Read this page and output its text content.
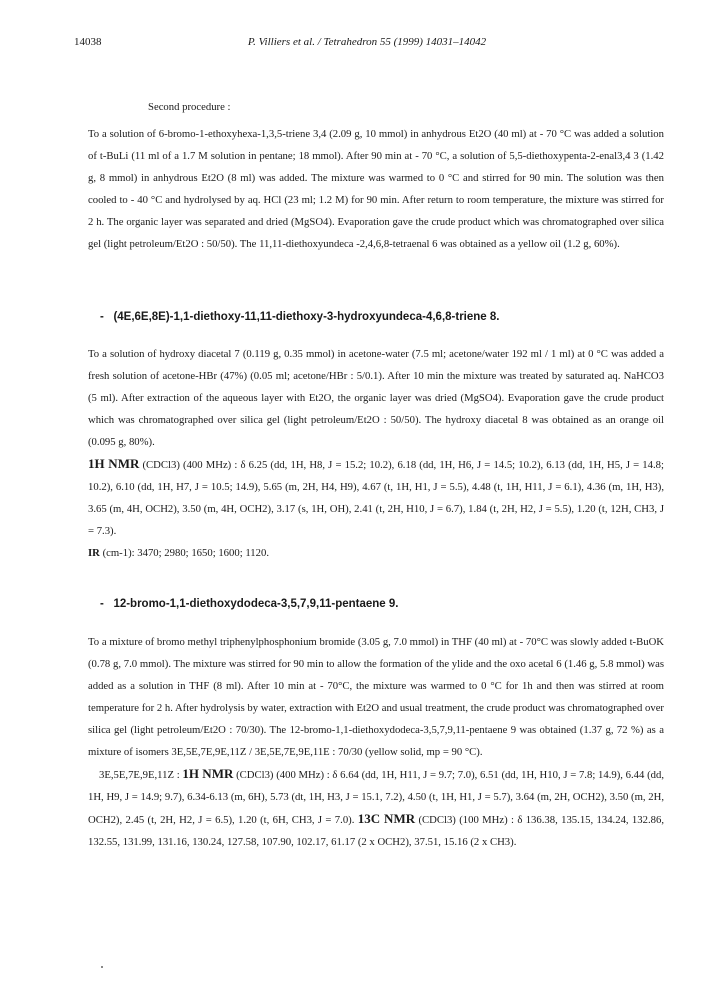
14038	P. Villiers et al. / Tetrahedron 55 (1999) 14031–14042

Second procedure :

To a solution of 6-bromo-1-ethoxyhexa-1,3,5-triene 3,4 (2.09 g, 10 mmol) in anhydrous Et2O (40 ml) at - 70 °C was added a solution of t-BuLi (11 ml of a 1.7 M solution in pentane; 18 mmol). After 90 min at - 70 °C, a solution of 5,5-diethoxypenta-2-enal3,4 3 (1.42 g, 8 mmol) in anhydrous Et2O (8 ml) was added. The mixture was warmed to 0 °C and stirred for 90 min. The solution was then cooled to - 40 °C and hydrolysed by aq. HCl (23 ml; 1.2 M) for 90 min. After return to room temperature, the mixture was stirred for 2 h. The organic layer was separated and dried (MgSO4). Evaporation gave the crude product which was chromatographed over silica gel (light petroleum/Et2O : 50/50). The 11,11-diethoxyundeca -2,4,6,8-tetraenal 6 was obtained as a yellow oil (1.2 g, 60%).

- (4E,6E,8E)-1,1-diethoxy-11,11-diethoxy-3-hydroxyundeca-4,6,8-triene 8.

To a solution of hydroxy diacetal 7 (0.119 g, 0.35 mmol) in acetone-water (7.5 ml; acetone/water 192 ml / 1 ml) at 0 °C was added a fresh solution of acetone-HBr (47%) (0.05 ml; acetone/HBr : 5/0.1). After 10 min the mixture was treated by saturated aq. NaHCO3 (5 ml). After extraction of the aqueous layer with Et2O, the organic layer was dried (MgSO4). Evaporation gave the crude product which was chromatographed over silica gel (light petroleum/Et2O : 50/50). The hydroxy diacetal 8 was obtained as an orange oil (0.095 g, 80%).

1H NMR (CDCl3) (400 MHz) : δ 6.25 (dd, 1H, H8, J = 15.2; 10.2), 6.18 (dd, 1H, H6, J = 14.5; 10.2), 6.13 (dd, 1H, H5, J = 14.8; 10.2), 6.10 (dd, 1H, H7, J = 10.5; 14.9), 5.65 (m, 2H, H4, H9), 4.67 (t, 1H, H1, J = 5.5), 4.48 (t, 1H, H11, J = 6.1), 4.36 (m, 1H, H3), 3.65 (m, 4H, OCH2), 3.50 (m, 4H, OCH2), 3.17 (s, 1H, OH), 2.41 (t, 2H, H10, J = 6.7), 1.84 (t, 2H, H2, J = 5.5), 1.20 (t, 12H, CH3, J = 7.3).

IR (cm-1): 3470; 2980; 1650; 1600; 1120.

- 12-bromo-1,1-diethoxydodeca-3,5,7,9,11-pentaene 9.

To a mixture of bromo methyl triphenylphosphonium bromide (3.05 g, 7.0 mmol) in THF (40 ml) at - 70°C was slowly added t-BuOK (0.78 g, 7.0 mmol). The mixture was stirred for 90 min to allow the formation of the ylide and the oxo acetal 6 (1.46 g, 5.8 mmol) was added as a solution in THF (8 ml). After 10 min at - 70°C, the mixture was warmed to 0 °C for 1h and then was stirred at room temperature for 2 h. After hydrolysis by water, extraction with Et2O and usual treatment, the crude product was chromatographed over silica gel (light petroleum/Et2O : 70/30). The 12-bromo-1,1-diethoxydodeca-3,5,7,9,11-pentaene 9 was obtained (1.37 g, 72 %) as a mixture of isomers 3E,5E,7E,9E,11Z / 3E,5E,7E,9E,11E : 70/30 (yellow solid, mp = 90 °C).

3E,5E,7E,9E,11Z : 1H NMR (CDCl3) (400 MHz) : δ 6.64 (dd, 1H, H11, J = 9.7; 7.0), 6.51 (dd, 1H, H10, J = 7.8; 14.9), 6.44 (dd, 1H, H9, J = 14.9; 9.7), 6.34-6.13 (m, 6H), 5.73 (dt, 1H, H3, J = 15.1, 7.2), 4.50 (t, 1H, H1, J = 5.7), 3.64 (m, 2H, OCH2), 3.50 (m, 2H, OCH2), 2.45 (t, 2H, H2, J = 6.5), 1.20 (t, 6H, CH3, J = 7.0). 13C NMR (CDCl3) (100 MHz) : δ 136.38, 135.15, 134.24, 132.86, 132.55, 131.99, 131.16, 130.24, 127.58, 107.90, 102.17, 61.17 (2 x OCH2), 37.51, 15.16 (2 x CH3).
